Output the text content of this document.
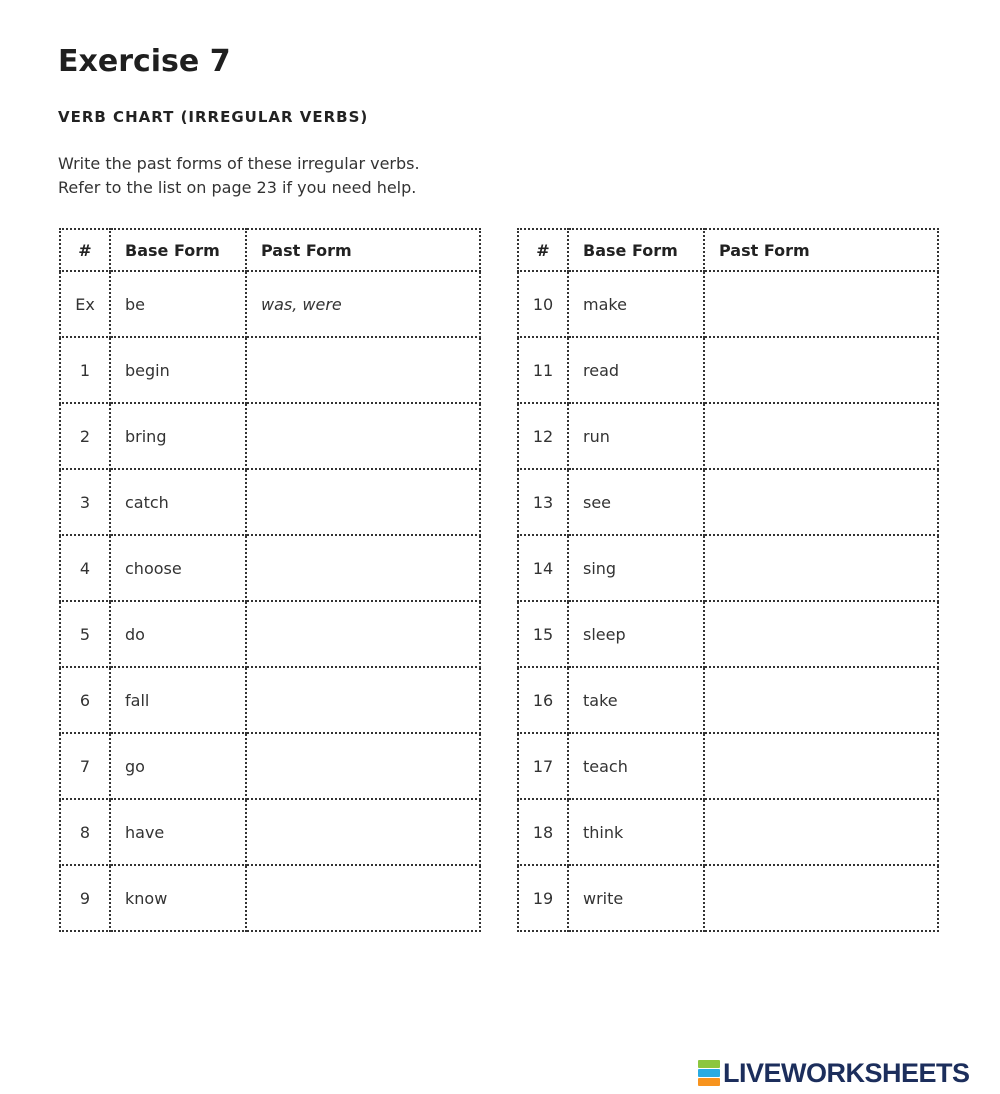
Exercise 7
VERB CHART (IRREGULAR VERBS)
Write the past forms of these irregular verbs.
Refer to the list on page 23 if you need help.
#	Base Form	Past Form
Ex	be	was, were
1	begin	
2	bring	
3	catch	
4	choose	
5	do	
6	fall	
7	go	
8	have	
9	know	
#	Base Form	Past Form
10	make	
11	read	
12	run	
13	see	
14	sing	
15	sleep	
16	take	
17	teach	
18	think	
19	write	
LIVEWORKSHEETS
